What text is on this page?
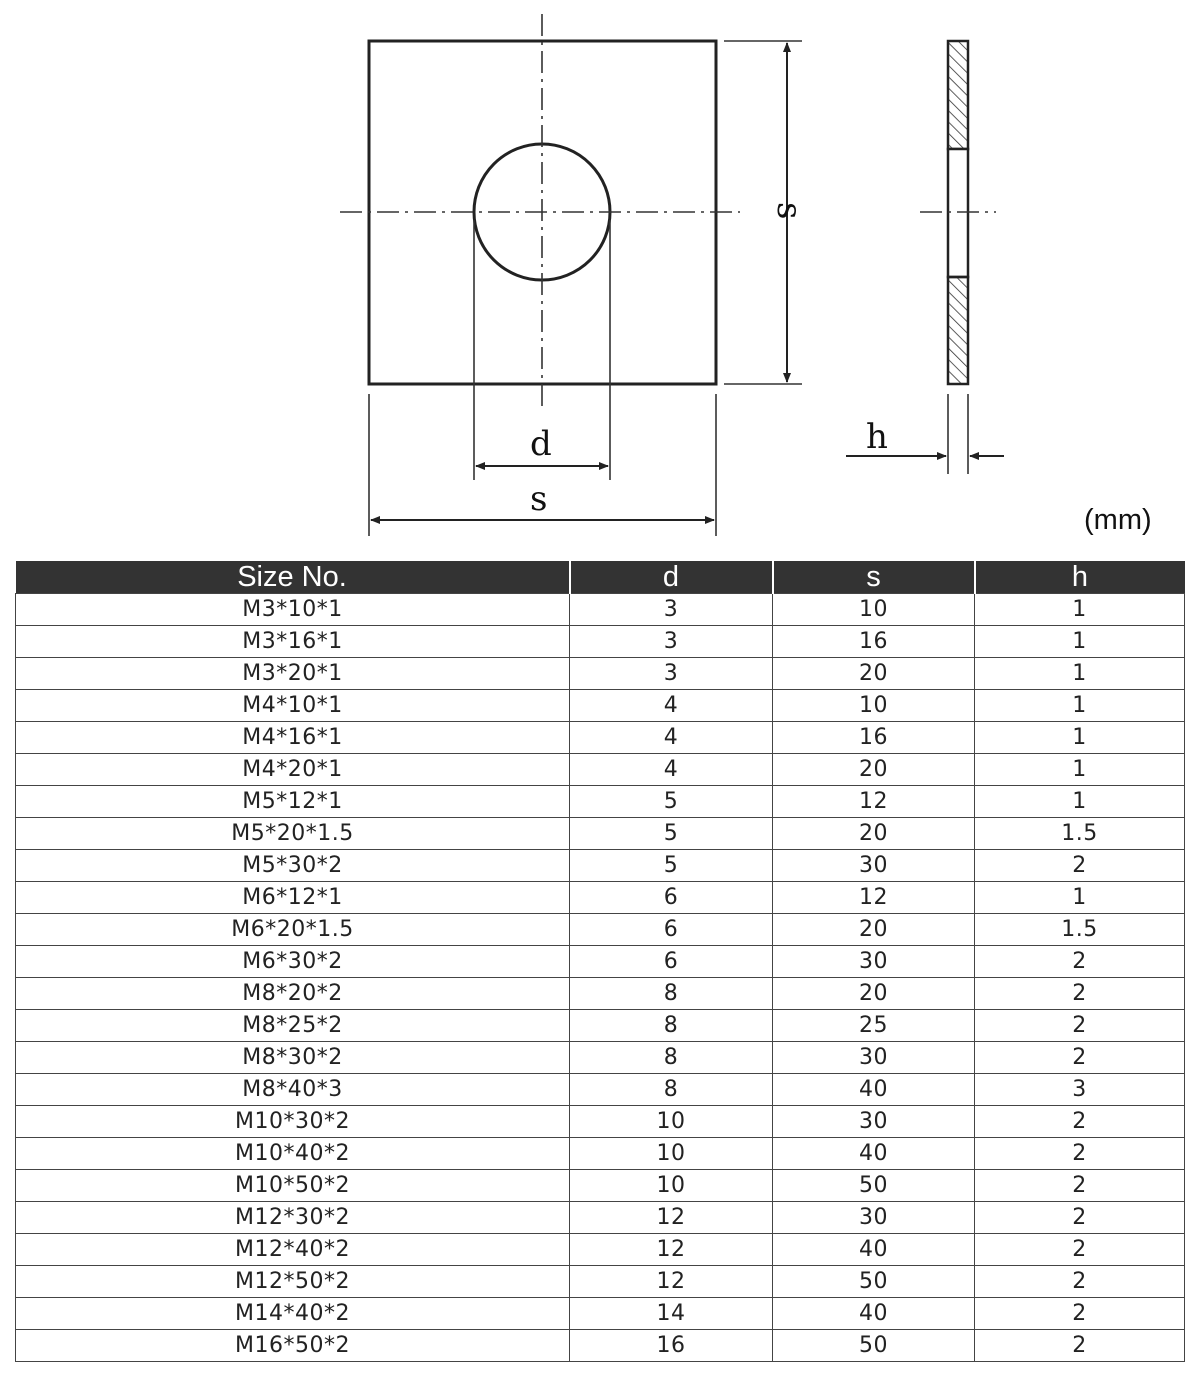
d
s
s
h
(mm)
Size No.	d	s	h
M3*10*1	3	10	1
M3*16*1	3	16	1
M3*20*1	3	20	1
M4*10*1	4	10	1
M4*16*1	4	16	1
M4*20*1	4	20	1
M5*12*1	5	12	1
M5*20*1.5	5	20	1.5
M5*30*2	5	30	2
M6*12*1	6	12	1
M6*20*1.5	6	20	1.5
M6*30*2	6	30	2
M8*20*2	8	20	2
M8*25*2	8	25	2
M8*30*2	8	30	2
M8*40*3	8	40	3
M10*30*2	10	30	2
M10*40*2	10	40	2
M10*50*2	10	50	2
M12*30*2	12	30	2
M12*40*2	12	40	2
M12*50*2	12	50	2
M14*40*2	14	40	2
M16*50*2	16	50	2
